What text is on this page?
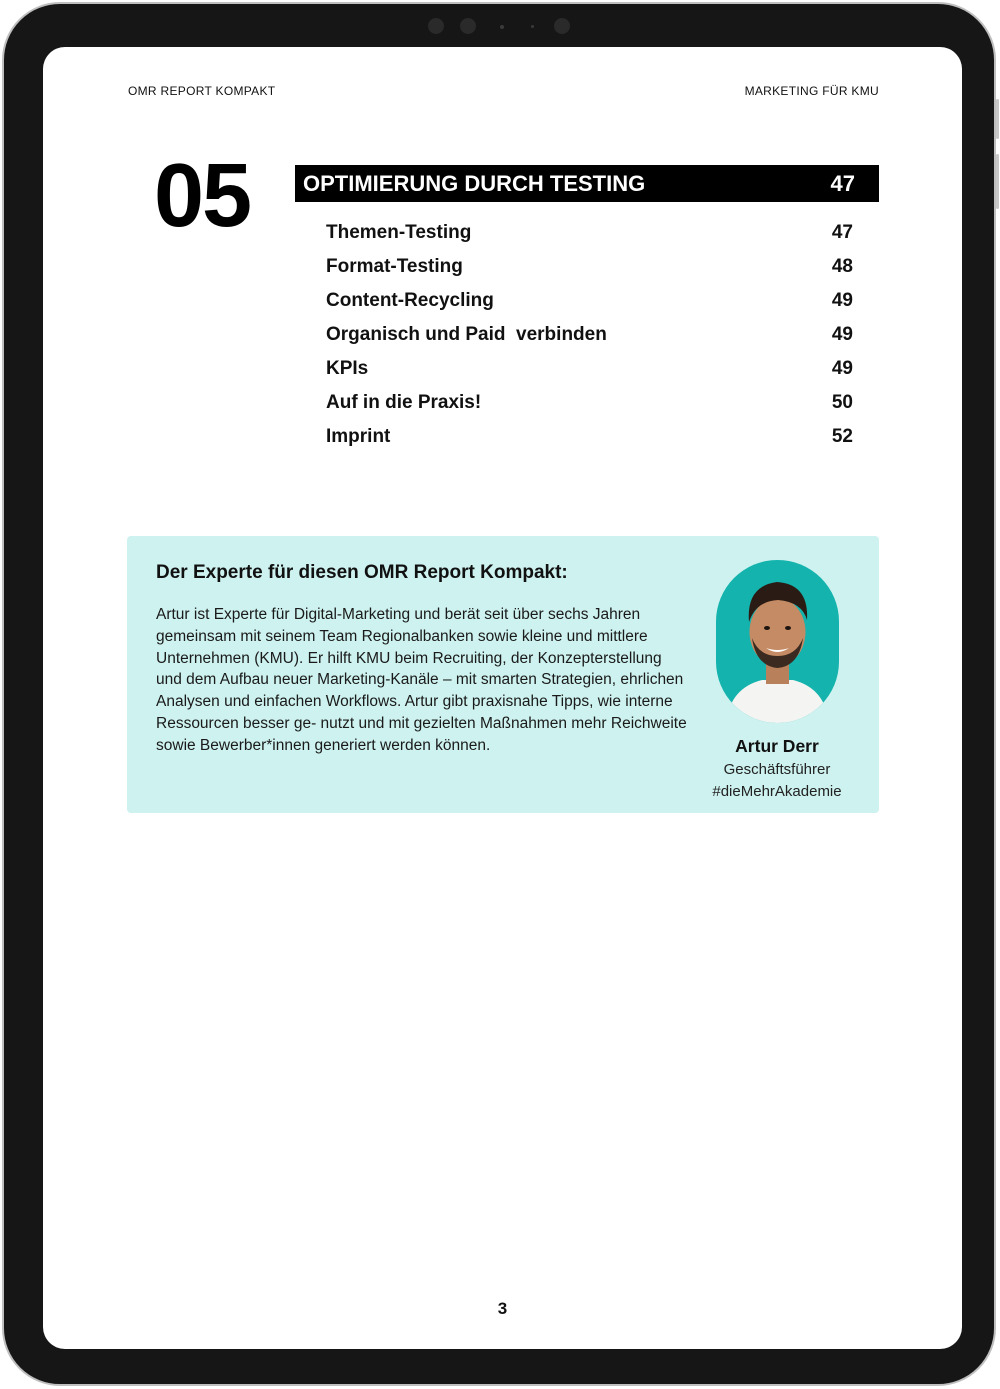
OMR REPORT KOMPAKT	MARKETING FÜR KMU
05 OPTIMIERUNG DURCH TESTING	47
Themen-Testing	47
Format-Testing	48
Content-Recycling	49
Organisch und Paid  verbinden	49
KPIs	49
Auf in die Praxis!	50
Imprint	52
Der Experte für diesen OMR Report Kompakt:

Artur ist Experte für Digital-Marketing und berät seit über sechs Jahren gemeinsam mit seinem Team Regionalbanken sowie kleine und mittlere Unternehmen (KMU). Er hilft KMU beim Recruiting, der Konzepterstellung und dem Aufbau neuer Marketing-Kanäle – mit smarten Strategien, ehrlichen Analysen und einfachen Workflows. Artur gibt praxisnahe Tipps, wie interne Ressourcen besser ge- nutzt und mit gezielten Maßnahmen mehr Reichweite sowie Bewerber*innen generiert werden können.	Artur Derr
Geschäftsführer
#dieMehrAkademie
3
